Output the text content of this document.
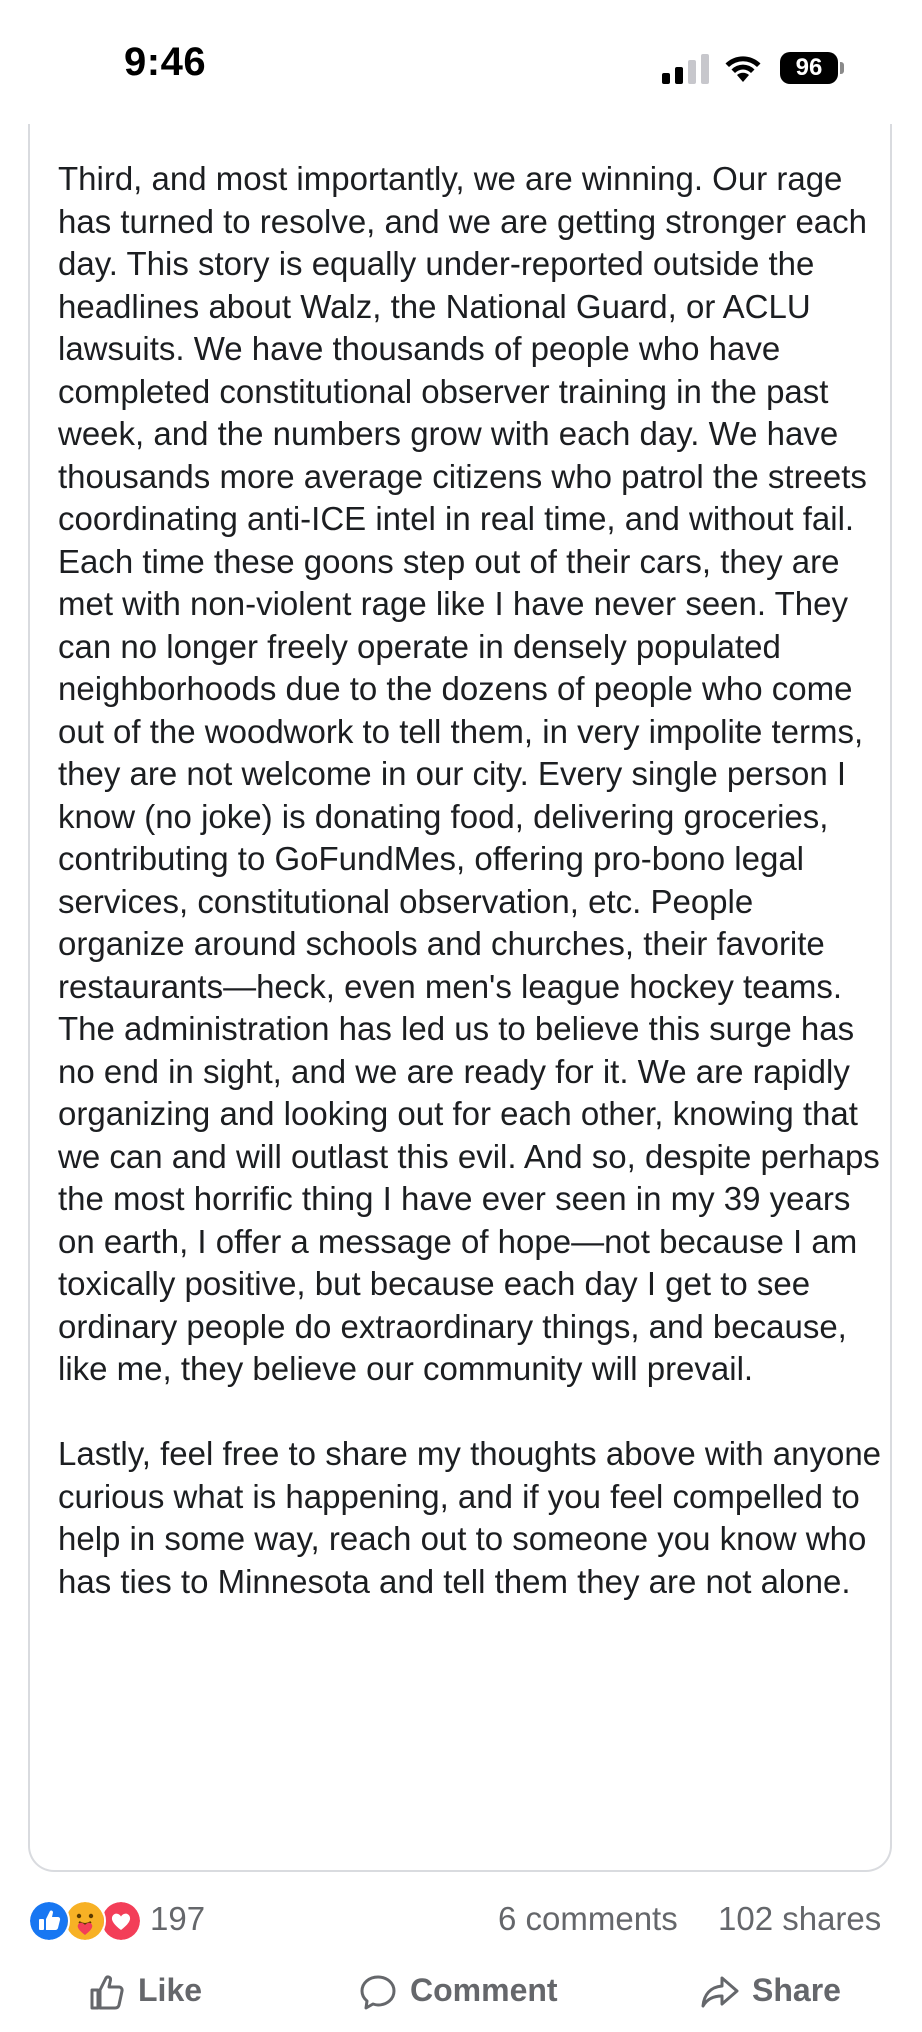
9:46	96

Third, and most importantly, we are winning. Our rage has turned to resolve, and we are getting stronger each day. This story is equally under-reported outside the headlines about Walz, the National Guard, or ACLU lawsuits. We have thousands of people who have completed constitutional observer training in the past week, and the numbers grow with each day. We have thousands more average citizens who patrol the streets coordinating anti-ICE intel in real time, and without fail. Each time these goons step out of their cars, they are met with non-violent rage like I have never seen. They can no longer freely operate in densely populated neighborhoods due to the dozens of people who come out of the woodwork to tell them, in very impolite terms, they are not welcome in our city. Every single person I know (no joke) is donating food, delivering groceries, contributing to GoFundMes, offering pro-bono legal services, constitutional observation, etc. People organize around schools and churches, their favorite restaurants—heck, even men's league hockey teams. The administration has led us to believe this surge has no end in sight, and we are ready for it. We are rapidly organizing and looking out for each other, knowing that we can and will outlast this evil. And so, despite perhaps the most horrific thing I have ever seen in my 39 years on earth, I offer a message of hope—not because I am toxically positive, but because each day I get to see ordinary people do extraordinary things, and because, like me, they believe our community will prevail.

Lastly, feel free to share my thoughts above with anyone curious what is happening, and if you feel compelled to help in some way, reach out to someone you know who has ties to Minnesota and tell them they are not alone.

197	6 comments 102 shares
Like	Comment	Share
